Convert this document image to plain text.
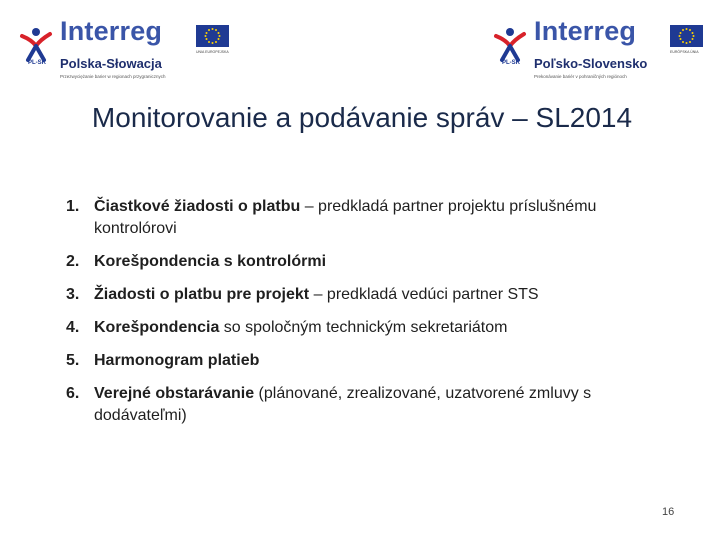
PL-SK
Interreg
Polska-Słowacja
Przezwyciężanie barier w regionach przygranicznych
UNIA EUROPEJSKA
PL-SK
Interreg
Poľsko-Slovensko
Prekonávanie bariér v pohraničných regiónoch
EURÓPSKA ÚNIA
Monitorovanie a podávanie správ – SL2014
1. Čiastkové žiadosti o platbu – predkladá partner projektu príslušnému kontrolórovi
2. Korešpondencia s kontrolórmi
3. Žiadosti o platbu pre projekt – predkladá vedúci partner STS
4. Korešpondencia so spoločným technickým sekretariátom
5. Harmonogram platieb
6. Verejné obstarávanie (plánované, zrealizované, uzatvorené zmluvy s dodávateľmi)
16
